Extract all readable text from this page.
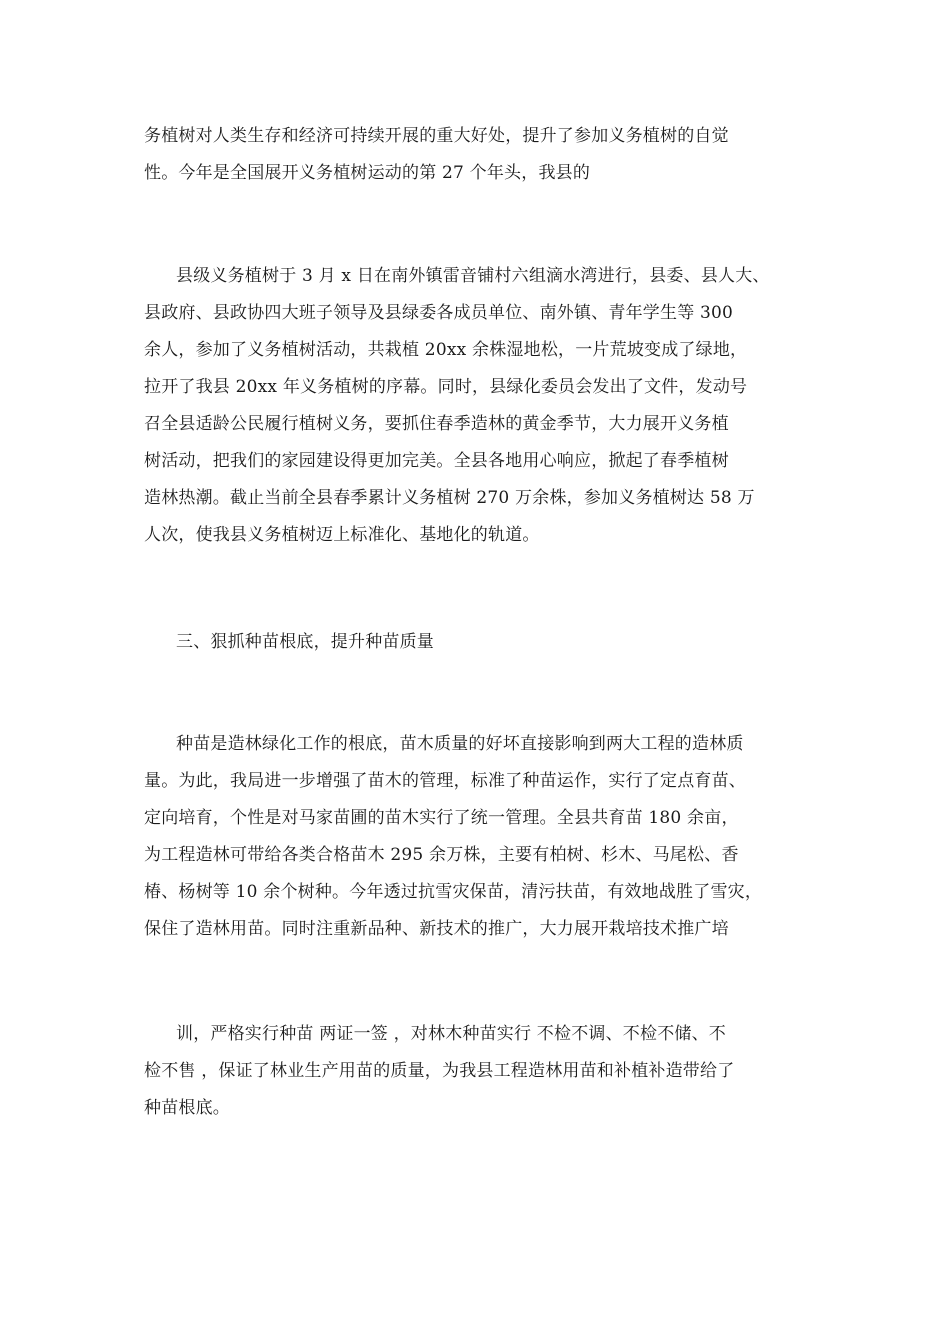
务植树对人类生存和经济可持续开展的重大好处，提升了参加义务植树的自觉
性。今年是全国展开义务植树运动的第 27 个年头，我县的
县级义务植树于 3 月 x 日在南外镇雷音铺村六组滴水湾进行，县委、县人大、
县政府、县政协四大班子领导及县绿委各成员单位、南外镇、青年学生等 300
余人，参加了义务植树活动，共栽植 20xx 余株湿地松，一片荒坡变成了绿地，
拉开了我县 20xx 年义务植树的序幕。同时，县绿化委员会发出了文件，发动号
召全县适龄公民履行植树义务，要抓住春季造林的黄金季节，大力展开义务植
树活动，把我们的家园建设得更加完美。全县各地用心响应，掀起了春季植树
造林热潮。截止当前全县春季累计义务植树 270 万余株，参加义务植树达 58 万
人次，使我县义务植树迈上标准化、基地化的轨道。
三、狠抓种苗根底，提升种苗质量
种苗是造林绿化工作的根底，苗木质量的好坏直接影响到两大工程的造林质
量。为此，我局进一步增强了苗木的管理，标准了种苗运作，实行了定点育苗、
定向培育，个性是对马家苗圃的苗木实行了统一管理。全县共育苗 180 余亩，
为工程造林可带给各类合格苗木 295 余万株，主要有柏树、杉木、马尾松、香
椿、杨树等 10 余个树种。今年透过抗雪灾保苗，清污扶苗，有效地战胜了雪灾，
保住了造林用苗。同时注重新品种、新技术的推广，大力展开栽培技术推广培
训，严格实行种苗 两证一签 ，对林木种苗实行 不检不调、不检不储、不
检不售 ，保证了林业生产用苗的质量，为我县工程造林用苗和补植补造带给了
种苗根底。
